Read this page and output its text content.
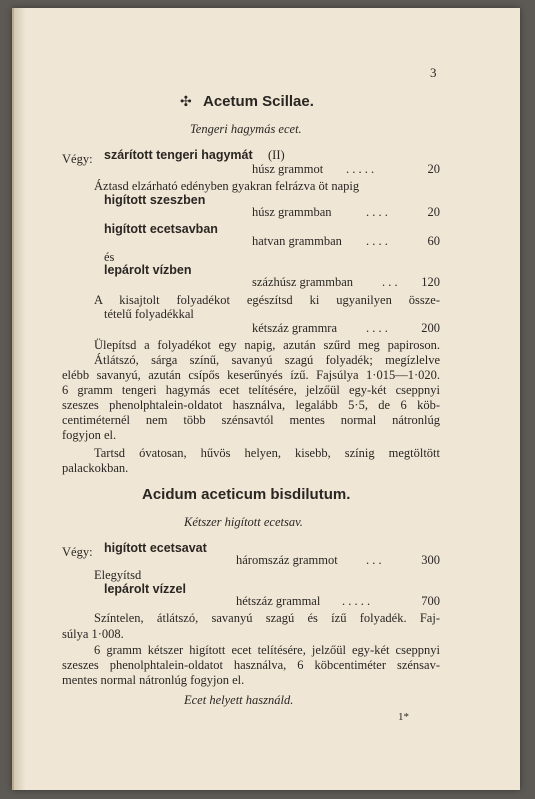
3
✣ Acetum Scillae.
Tengeri hagymás ecet.
Végy: szárított tengeri hagymát (II)
húsz grammot . . . . .	20
Áztasd elzárható edényben gyakran felrázva öt napig
higított szeszben
húsz grammban	. . . .	20
higított ecetsavban
hatvan grammban . . . .	60
és
lepárolt vízben
százhúsz grammban . . .	120
A kisajtolt folyadékot egészítsd ki ugyanilyen össze-
tételű folyadékkal
kétszáz grammra . . . .	200
Ülepítsd a folyadékot egy napig, azután szűrd meg papiroson.
Átlátszó, sárga színű, savanyú szagú folyadék; megízlelve
elébb savanyú, azután csípős keserűnyés ízű. Fajsúlya 1·015—1·020.
6 gramm tengeri hagymás ecet telítésére, jelzőül egy-két cseppnyi
szeszes phenolphtalein-oldatot használva, legalább 5·5, de 6 köb-
centiméternél nem több szénsavtól mentes normal nátronlúg
fogyjon el.
Tartsd óvatosan, hűvös helyen, kisebb, színig megtöltött
palackokban.
Acidum aceticum bisdilutum.
Kétszer higított ecetsav.
Végy: higított ecetsavat
háromszáz grammot . . .	300
Elegyítsd
lepárolt vízzel
hétszáz grammal . . . . .	700
Színtelen, átlátszó, savanyú szagú és ízű folyadék. Faj-
súlya 1·008.
6 gramm kétszer higított ecet telítésére, jelzőül egy-két cseppnyi
szeszes phenolphtalein-oldatot használva, 6 köbcentiméter szénsav-
mentes normal nátronlúg fogyjon el.
Ecet helyett használd.
1*
